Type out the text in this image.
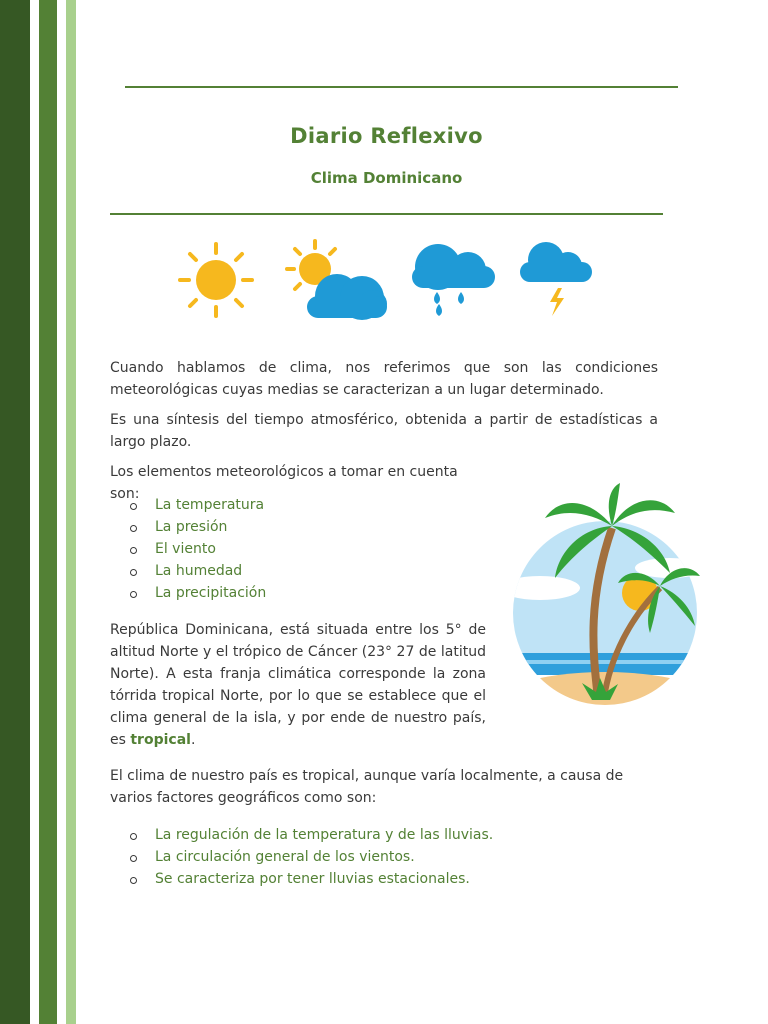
Diario Reflexivo
Clima Dominicano

Cuando hablamos de clima, nos referimos que son las condiciones meteorológicas cuyas medias se caracterizan a un lugar determinado.

Es una síntesis del tiempo atmosférico, obtenida a partir de estadísticas a largo plazo.

Los elementos meteorológicos a tomar en cuenta son:

La temperatura
La presión
El viento
La humedad
La precipitación

República Dominicana, está situada entre los 5° de altitud Norte y el trópico de Cáncer (23° 27 de latitud Norte). A esta franja climática corresponde la zona tórrida tropical Norte, por lo que se establece que el clima general de la isla, y por ende de nuestro país, es tropical.

El clima de nuestro país es tropical, aunque varía localmente, a causa de varios factores geográficos como son:

La regulación de la temperatura y de las lluvias.
La circulación general de los vientos.
Se caracteriza por tener lluvias estacionales.
